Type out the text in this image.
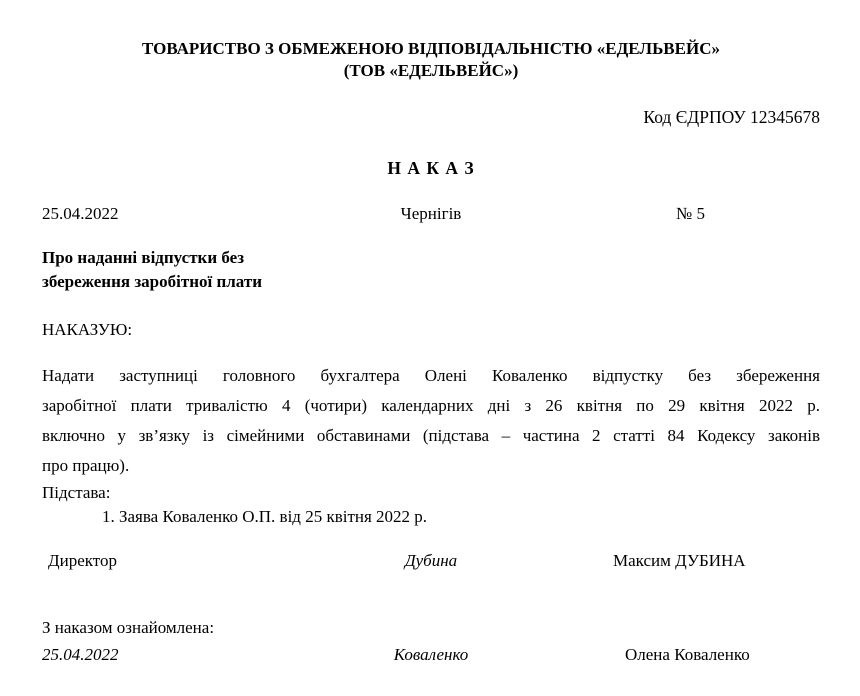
ТОВАРИСТВО З ОБМЕЖЕНОЮ ВІДПОВІДАЛЬНІСТЮ «ЕДЕЛЬВЕЙС»
(ТОВ «ЕДЕЛЬВЕЙС»)
Код ЄДРПОУ 12345678
Н А К А З
25.04.2022	Чернігів	№ 5
Про наданні відпустки без
збереження заробітної плати
НАКАЗУЮ:
Надати заступниці головного бухгалтера Олені Коваленко відпустку без збереження
заробітної плати тривалістю 4 (чотири) календарних дні з 26 квітня по 29 квітня 2022 р.
включно у зв’язку із сімейними обставинами (підстава – частина 2 статті 84 Кодексу законів
про працю).
Підстава:
1. Заява Коваленко О.П. від 25 квітня 2022 р.
Директор	Дубина	Максим ДУБИНА
З наказом ознайомлена:
25.04.2022	Коваленко	Олена Коваленко
